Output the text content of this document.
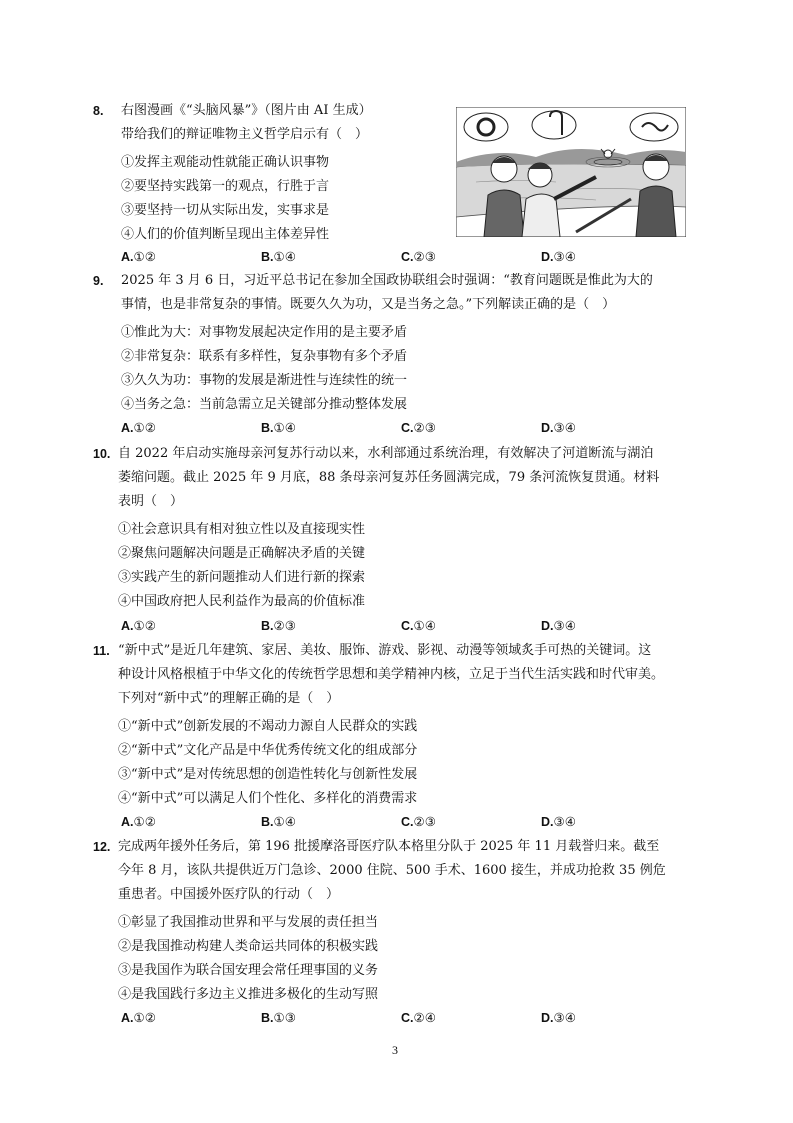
8. 右图漫画《“头脑风暴”》（图片由 AI 生成）
带给我们的辩证唯物主义哲学启示有（　）
①发挥主观能动性就能正确认识事物
②要坚持实践第一的观点，行胜于言
③要坚持一切从实际出发，实事求是
④人们的价值判断呈现出主体差异性
A.①②	B.①④	C.②③	D.③④
9. 2025 年 3 月 6 日，习近平总书记在参加全国政协联组会时强调：“教育问题既是惟此为大的
事情，也是非常复杂的事情。既要久久为功，又是当务之急。”下列解读正确的是（　）
①惟此为大：对事物发展起决定作用的是主要矛盾
②非常复杂：联系有多样性，复杂事物有多个矛盾
③久久为功：事物的发展是渐进性与连续性的统一
④当务之急：当前急需立足关键部分推动整体发展
A.①②	B.①④	C.②③	D.③④
10. 自 2022 年启动实施母亲河复苏行动以来，水利部通过系统治理，有效解决了河道断流与湖泊
萎缩问题。截止 2025 年 9 月底，88 条母亲河复苏任务圆满完成，79 条河流恢复贯通。材料
表明（　）
①社会意识具有相对独立性以及直接现实性
②聚焦问题解决问题是正确解决矛盾的关键
③实践产生的新问题推动人们进行新的探索
④中国政府把人民利益作为最高的价值标准
A.①②	B.②③	C.①④	D.③④
11. “新中式”是近几年建筑、家居、美妆、服饰、游戏、影视、动漫等领域炙手可热的关键词。这
种设计风格根植于中华文化的传统哲学思想和美学精神内核，立足于当代生活实践和时代审美。
下列对“新中式”的理解正确的是（　）
①“新中式”创新发展的不竭动力源自人民群众的实践
②“新中式”文化产品是中华优秀传统文化的组成部分
③“新中式”是对传统思想的创造性转化与创新性发展
④“新中式”可以满足人们个性化、多样化的消费需求
A.①②	B.①④	C.②③	D.③④
12. 完成两年援外任务后，第 196 批援摩洛哥医疗队本格里分队于 2025 年 11 月载誉归来。截至
今年 8 月，该队共提供近万门急诊、2000 住院、500 手术、1600 接生，并成功抢救 35 例危
重患者。中国援外医疗队的行动（　）
①彰显了我国推动世界和平与发展的责任担当
②是我国推动构建人类命运共同体的积极实践
③是我国作为联合国安理会常任理事国的义务
④是我国践行多边主义推进多极化的生动写照
A.①②	B.①③	C.②④	D.③④
3
